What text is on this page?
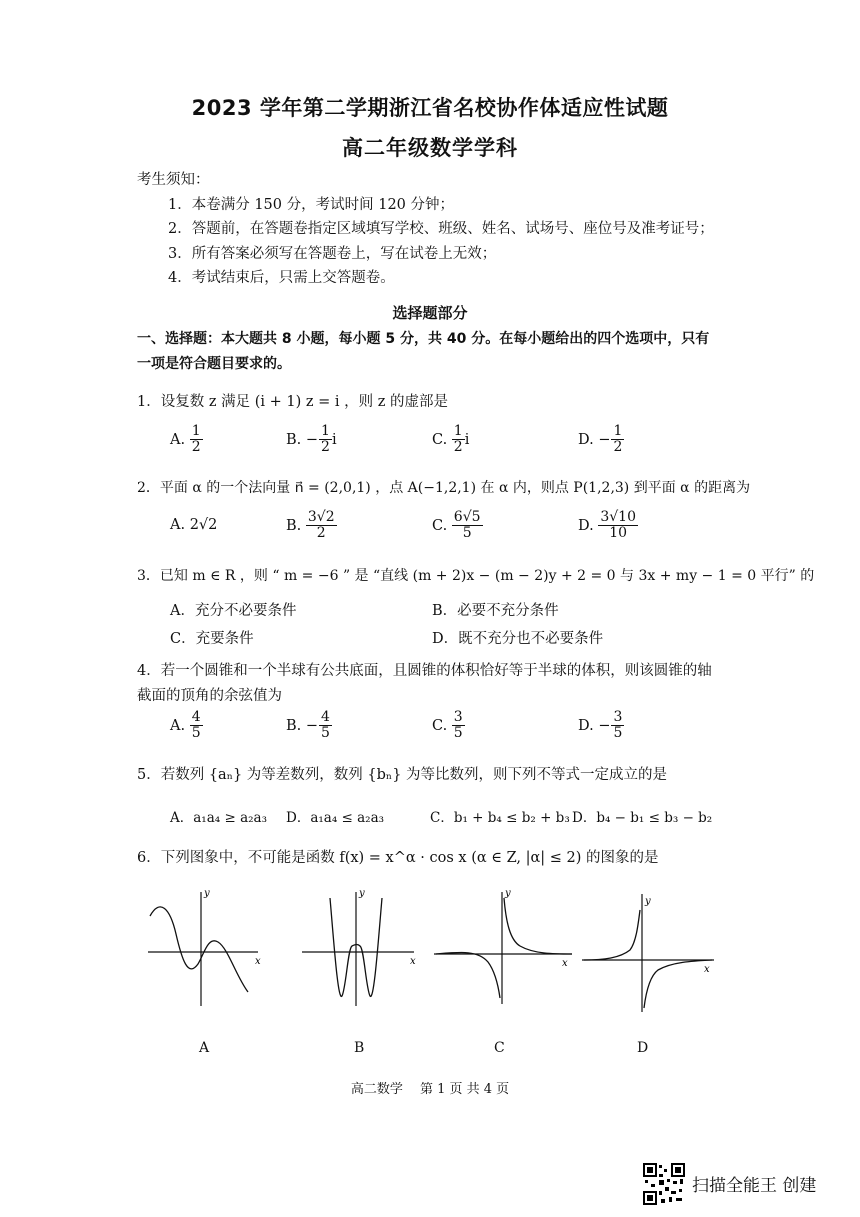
2023 学年第二学期浙江省名校协作体适应性试题
高二年级数学学科
考生须知：
1．本卷满分 150 分，考试时间 120 分钟；
2．答题前，在答题卷指定区域填写学校、班级、姓名、试场号、座位号及准考证号；
3．所有答案必须写在答题卷上，写在试卷上无效；
4．考试结束后，只需上交答题卷。
选择题部分
一、选择题：本大题共 8 小题，每小题 5 分，共 40 分。在每小题给出的四个选项中，只有
一项是符合题目要求的。
1．设复数 z 满足 (i + 1) z = i ，则 z 的虚部是
A. $\frac{1}{2}$	B. − $\frac{1}{2}$ i	C. $\frac{1}{2}$ i	D. − $\frac{1}{2}$
2．平面 α 的一个法向量 n⃗ = (2,0,1) ，点 A(−1,2,1) 在 α 内，则点 P(1,2,3) 到平面 α 的距离为
A. 2√2	B. $\frac{3√2}{2}$	C. $\frac{6√5}{5}$	D. $\frac{3√10}{10}$
3．已知 m ∈ R ，则 “ m = −6 ” 是 “直线 (m + 2)x − (m − 2)y + 2 = 0 与 3x + my − 1 = 0 平行” 的
A．充分不必要条件	B．必要不充分条件
C．充要条件	D．既不充分也不必要条件
4．若一个圆锥和一个半球有公共底面，且圆锥的体积恰好等于半球的体积，则该圆锥的轴
截面的顶角的余弦值为
A. $\frac{4}{5}$	B. − $\frac{4}{5}$	C. $\frac{3}{5}$	D. − $\frac{3}{5}$
5．若数列 {aₙ} 为等差数列，数列 {bₙ} 为等比数列，则下列不等式一定成立的是
A．a₁a₄ ≥ a₂a₃ D．a₁a₄ ≤ a₂a₃	C．b₁ + b₄ ≤ b₂ + b₃ D．b₄ − b₁ ≤ b₃ − b₂
6．下列图象中，不可能是函数 f(x) = x^α · cos x (α ∈ Z, |α| ≤ 2) 的图象的是
x
y
A
x
y
B
x
y
C
x
y
D
高二数学　 第 1 页 共 4 页
扫描全能王 创建
